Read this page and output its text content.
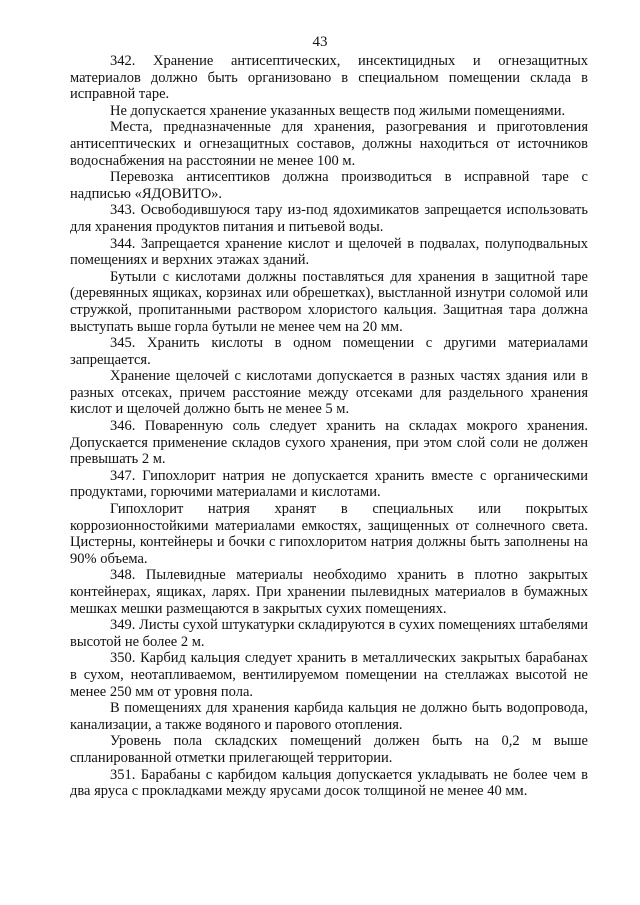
43

342. Хранение антисептических, инсектицидных и огнезащитных материалов должно быть организовано в специальном помещении склада в исправной таре.

Не допускается хранение указанных веществ под жилыми помещениями.

Места, предназначенные для хранения, разогревания и приготовления антисептических и огнезащитных составов, должны находиться от источников водоснабжения на расстоянии не менее 100 м.

Перевозка антисептиков должна производиться в исправной таре с надписью «ЯДОВИТО».

343. Освободившуюся тару из-под ядохимикатов запрещается использовать для хранения продуктов питания и питьевой воды.

344. Запрещается хранение кислот и щелочей в подвалах, полуподвальных помещениях и верхних этажах зданий.

Бутыли с кислотами должны поставляться для хранения в защитной таре (деревянных ящиках, корзинах или обрешетках), выстланной изнутри соломой или стружкой, пропитанными раствором хлористого кальция. Защитная тара должна выступать выше горла бутыли не менее чем на 20 мм.

345. Хранить кислоты в одном помещении с другими материалами запрещается.

Хранение щелочей с кислотами допускается в разных частях здания или в разных отсеках, причем расстояние между отсеками для раздельного хранения кислот и щелочей должно быть не менее 5 м.

346. Поваренную соль следует хранить на складах мокрого хранения. Допускается применение складов сухого хранения, при этом слой соли не должен превышать 2 м.

347. Гипохлорит натрия не допускается хранить вместе с органическими продуктами, горючими материалами и кислотами.

Гипохлорит натрия хранят в специальных или покрытых коррозионностойкими материалами емкостях, защищенных от солнечного света. Цистерны, контейнеры и бочки с гипохлоритом натрия должны быть заполнены на 90% объема.

348. Пылевидные материалы необходимо хранить в плотно закрытых контейнерах, ящиках, ларях. При хранении пылевидных материалов в бумажных мешках мешки размещаются в закрытых сухих помещениях.

349. Листы сухой штукатурки складируются в сухих помещениях штабелями высотой не более 2 м.

350. Карбид кальция следует хранить в металлических закрытых барабанах в сухом, неотапливаемом, вентилируемом помещении на стеллажах высотой не менее 250 мм от уровня пола.

В помещениях для хранения карбида кальция не должно быть водопровода, канализации, а также водяного и парового отопления.

Уровень пола складских помещений должен быть на 0,2 м выше спланированной отметки прилегающей территории.

351. Барабаны с карбидом кальция допускается укладывать не более чем в два яруса с прокладками между ярусами досок толщиной не менее 40 мм.
